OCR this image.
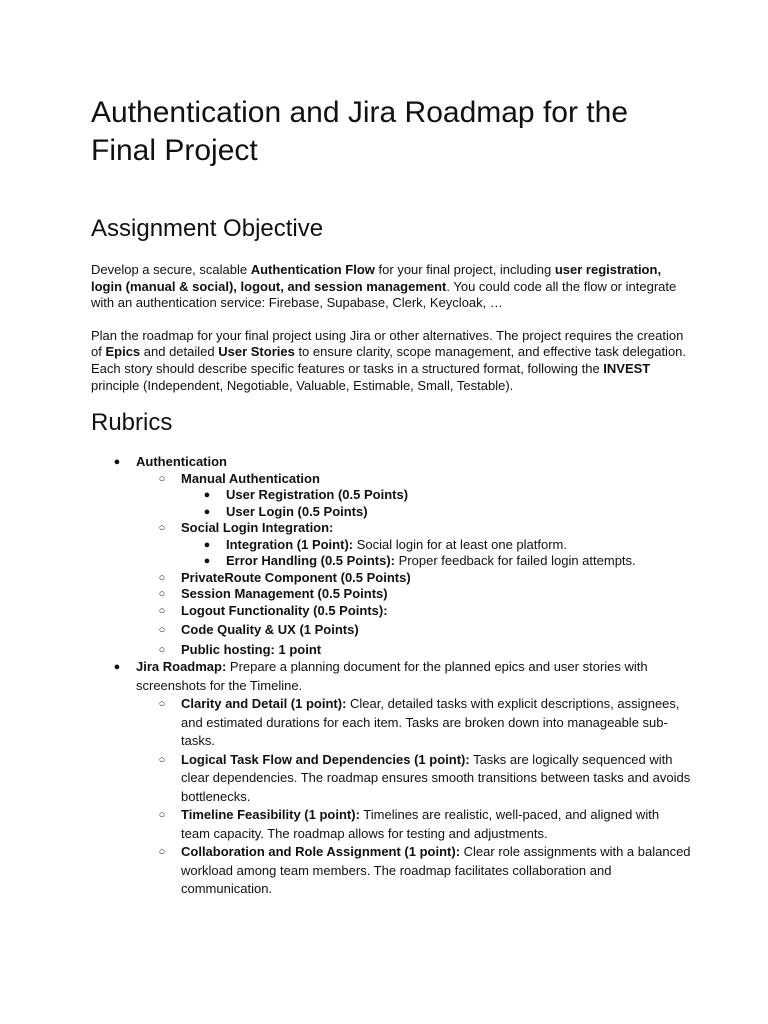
Authentication and Jira Roadmap for the Final Project
Assignment Objective

Develop a secure, scalable Authentication Flow for your final project, including user registration, login (manual & social), logout, and session management. You could code all the flow or integrate with an authentication service: Firebase, Supabase, Clerk, Keycloak, …

Plan the roadmap for your final project using Jira or other alternatives. The project requires the creation of Epics and detailed User Stories to ensure clarity, scope management, and effective task delegation. Each story should describe specific features or tasks in a structured format, following the INVEST principle (Independent, Negotiable, Valuable, Estimable, Small, Testable).

Rubrics
● Authentication
○ Manual Authentication
● User Registration (0.5 Points)
● User Login (0.5 Points)
○ Social Login Integration:
● Integration (1 Point): Social login for at least one platform.
● Error Handling (0.5 Points): Proper feedback for failed login attempts.
○ PrivateRoute Component (0.5 Points)
○ Session Management (0.5 Points)
○ Logout Functionality (0.5 Points):
○ Code Quality & UX (1 Points)
○ Public hosting: 1 point
● Jira Roadmap: Prepare a planning document for the planned epics and user stories with screenshots for the Timeline.
○ Clarity and Detail (1 point): Clear, detailed tasks with explicit descriptions, assignees, and estimated durations for each item. Tasks are broken down into manageable sub-tasks.
○ Logical Task Flow and Dependencies (1 point): Tasks are logically sequenced with clear dependencies. The roadmap ensures smooth transitions between tasks and avoids bottlenecks.
○ Timeline Feasibility (1 point): Timelines are realistic, well-paced, and aligned with team capacity. The roadmap allows for testing and adjustments.
○ Collaboration and Role Assignment (1 point): Clear role assignments with a balanced workload among team members. The roadmap facilitates collaboration and communication.
